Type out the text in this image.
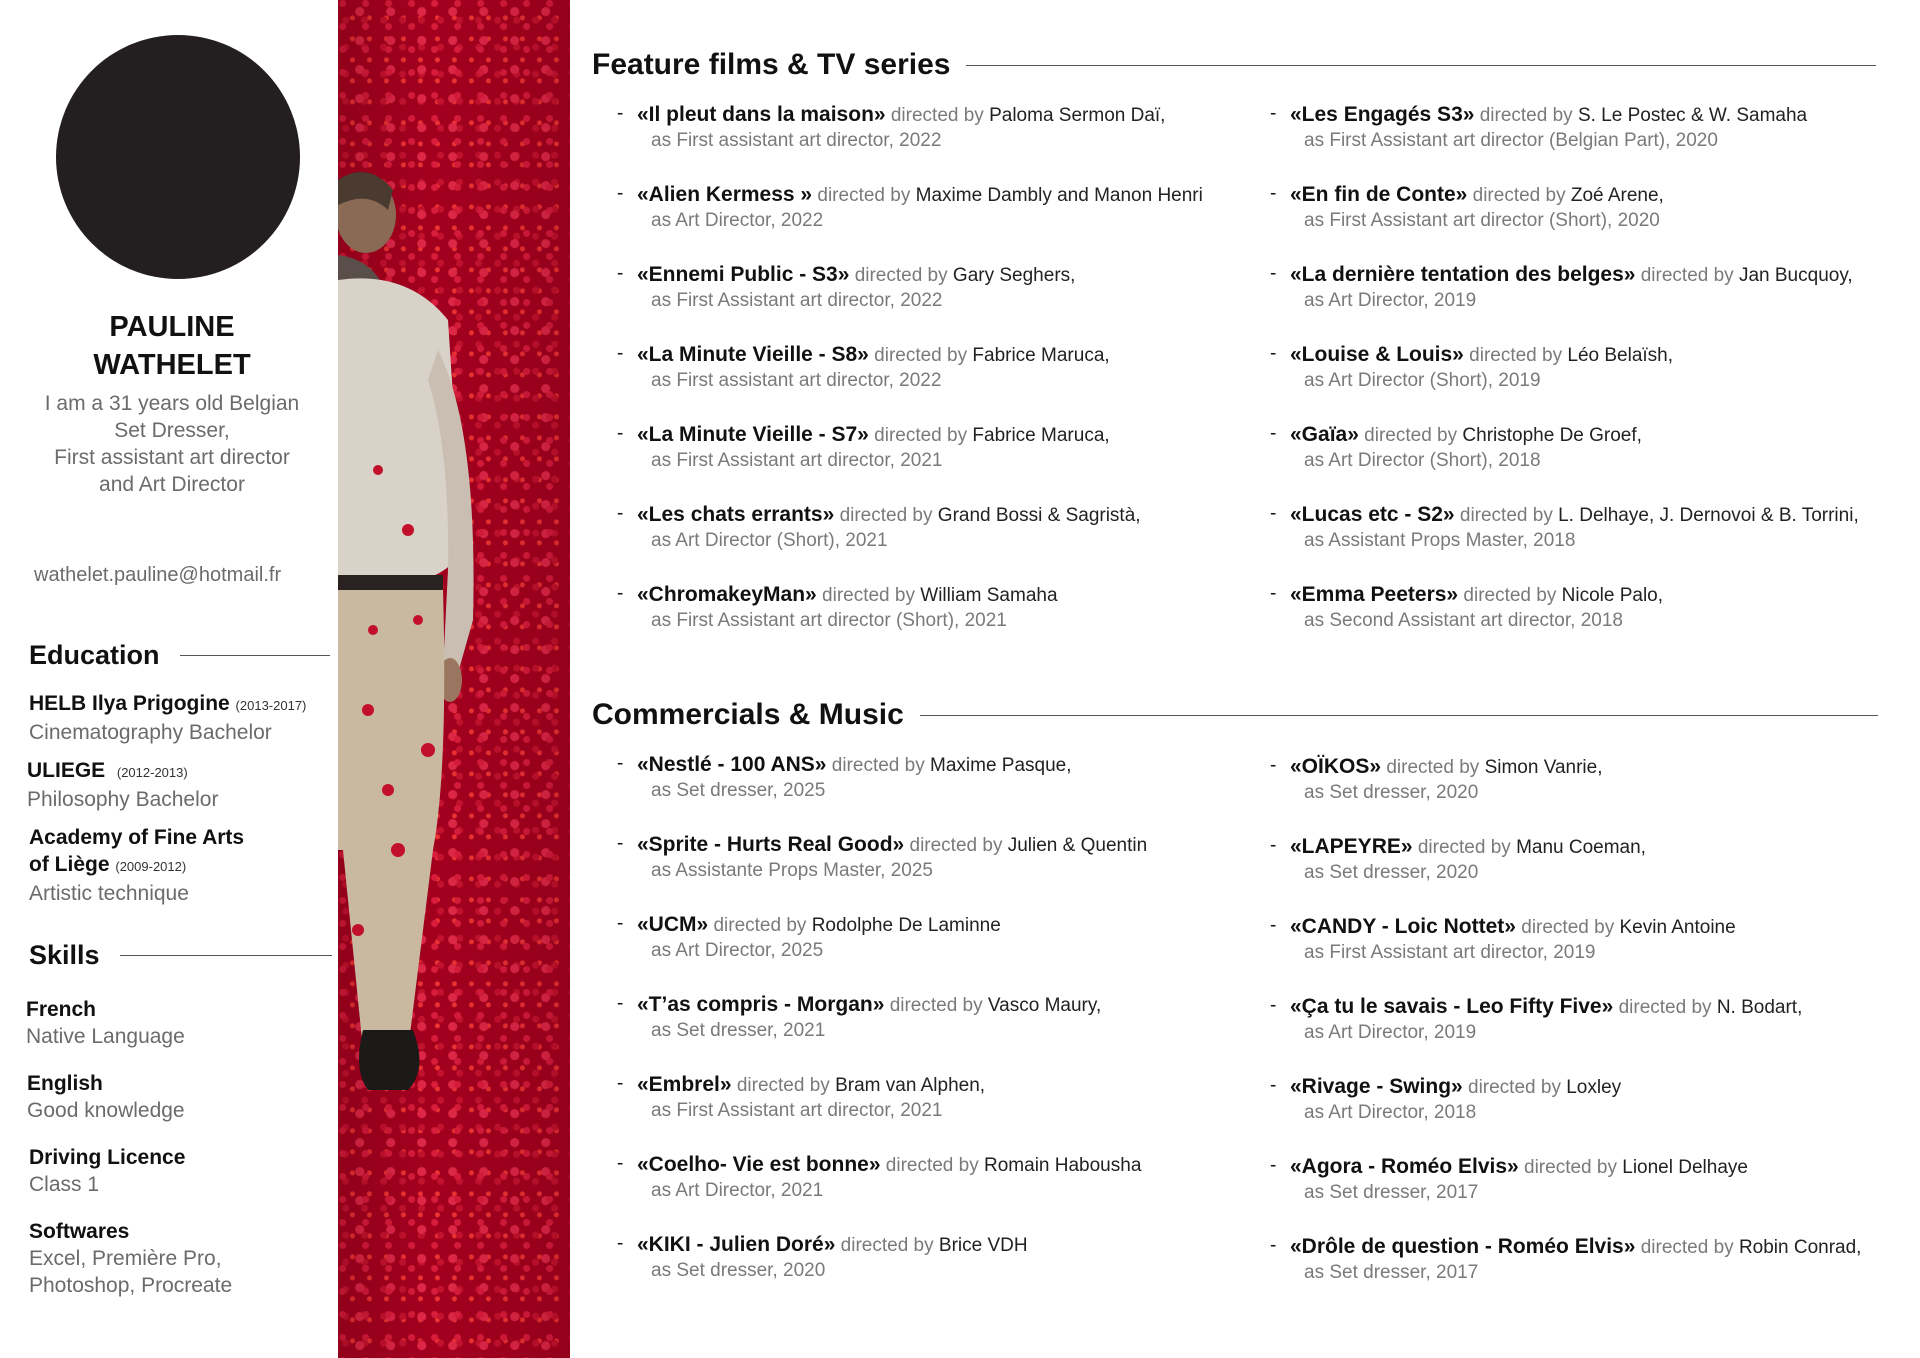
PAULINE
WATHELET
I am a 31 years old Belgian
Set Dresser,
First assistant art director
and Art Director
wathelet.pauline@hotmail.fr
Education
HELB Ilya Prigogine (2013-2017)
Cinematography Bachelor
ULIEGE (2012-2013)
Philosophy Bachelor
Academy of Fine Arts
of Liège (2009-2012)
Artistic technique
Skills
French
Native Language
English
Good knowledge
Driving Licence
Class 1
Softwares
Excel, Première Pro,
Photoshop, Procreate
Feature films & TV series
- «Il pleut dans la maison» directed by Paloma Sermon Daï,
as First assistant art director, 2022
- «Alien Kermess » directed by Maxime Dambly and Manon Henri
as Art Director, 2022
- «Ennemi Public - S3» directed by Gary Seghers,
as First Assistant art director, 2022
- «La Minute Vieille - S8» directed by Fabrice Maruca,
as First assistant art director, 2022
- «La Minute Vieille - S7» directed by Fabrice Maruca,
as First Assistant art director, 2021
- «Les chats errants» directed by Grand Bossi & Sagristà,
as Art Director (Short), 2021
- «ChromakeyMan» directed by William Samaha
as First Assistant art director (Short), 2021
- «Les Engagés S3» directed by S. Le Postec & W. Samaha
as First Assistant art director (Belgian Part), 2020
- «En fin de Conte» directed by Zoé Arene,
as First Assistant art director (Short), 2020
- «La dernière tentation des belges» directed by Jan Bucquoy,
as Art Director, 2019
- «Louise & Louis» directed by Léo Belaïsh,
as Art Director (Short), 2019
- «Gaïa» directed by Christophe De Groef,
as Art Director (Short), 2018
- «Lucas etc - S2» directed by L. Delhaye, J. Dernovoi & B. Torrini,
as Assistant Props Master, 2018
- «Emma Peeters» directed by Nicole Palo,
as Second Assistant art director, 2018
Commercials & Music
- «Nestlé - 100 ANS» directed by Maxime Pasque,
as Set dresser, 2025
- «Sprite - Hurts Real Good» directed by Julien & Quentin
as Assistante Props Master, 2025
- «UCM» directed by Rodolphe De Laminne
as Art Director, 2025
- «T’as compris - Morgan» directed by Vasco Maury,
as Set dresser, 2021
- «Embrel» directed by Bram van Alphen,
as First Assistant art director, 2021
- «Coelho- Vie est bonne» directed by Romain Habousha
as Art Director, 2021
- «KIKI - Julien Doré» directed by Brice VDH
as Set dresser, 2020
- «OÏKOS» directed by Simon Vanrie,
as Set dresser, 2020
- «LAPEYRE» directed by Manu Coeman,
as Set dresser, 2020
- «CANDY - Loic Nottet» directed by Kevin Antoine
as First Assistant art director, 2019
- «Ça tu le savais - Leo Fifty Five» directed by N. Bodart,
as Art Director, 2019
- «Rivage - Swing» directed by Loxley
as Art Director, 2018
- «Agora - Roméo Elvis» directed by Lionel Delhaye
as Set dresser, 2017
- «Drôle de question - Roméo Elvis» directed by Robin Conrad,
as Set dresser, 2017
